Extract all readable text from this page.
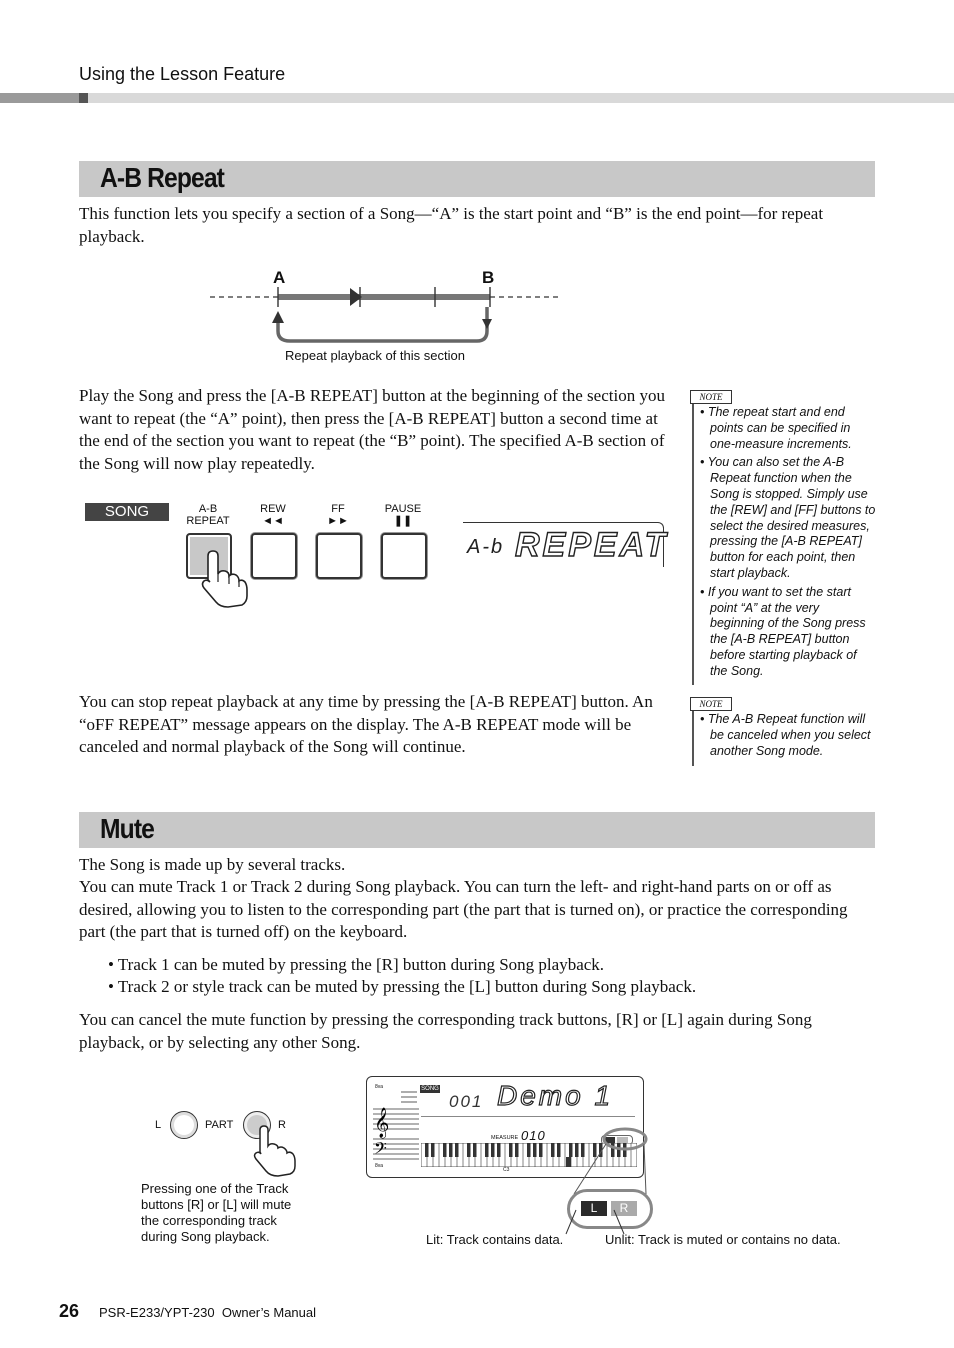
Using the Lesson Feature
A-B Repeat
This function lets you specify a section of a Song—“A” is the start point and “B” is the end point—for repeat playback.
A	B
Repeat playback of this section
Play the Song and press the [A-B REPEAT] button at the beginning of the section you want to repeat (the “A” point), then press the [A-B REPEAT] button a second time at the end of the section you want to repeat (the “B” point). The specified A-B section of the Song will now play repeatedly.
SONG	A-B
REPEAT
REW
◄◄
FF
►►
PAUSE
❚❚
A-b REPEAT
You can stop repeat playback at any time by pressing the [A-B REPEAT] button. An “oFF REPEAT” message appears on the display. The A-B REPEAT mode will be canceled and normal playback of the Song will continue.
NOTE

• The repeat start and end points can be specified in one-measure increments.

• You can also set the A-B Repeat function when the Song is stopped. Simply use the [REW] and [FF] buttons to select the desired measures, pressing the [A-B REPEAT] button for each point, then start playback.

• If you want to set the start point “A” at the very beginning of the Song press the [A-B REPEAT] button before starting playback of the Song.

NOTE

• The A-B Repeat function will be canceled when you select another Song mode.

Mute
The Song is made up by several tracks.
You can mute Track 1 or Track 2 during Song playback. You can turn the left- and right-hand parts on or off as desired, allowing you to listen to the corresponding part (the part that is turned on), or practice the corresponding part (the part that is turned off) on the keyboard.
• Track 1 can be muted by pressing the [R] button during Song playback.
• Track 2 or style track can be muted by pressing the [L] button during Song playback.
You can cancel the mute function by pressing the corresponding track buttons, [R] or [L] again during Song playback, or by selecting any other Song.
L	PART	R
Pressing one of the Track buttons [R] or [L] will mute the corresponding track during Song playback.
8va
8va
𝄞
𝄢
SONG
001 Demo 1
MEASURE 010
C3
L	R
Lit: Track contains data.	Unlit: Track is muted or contains no data.
26 PSR-E233/YPT-230  Owner’s Manual
